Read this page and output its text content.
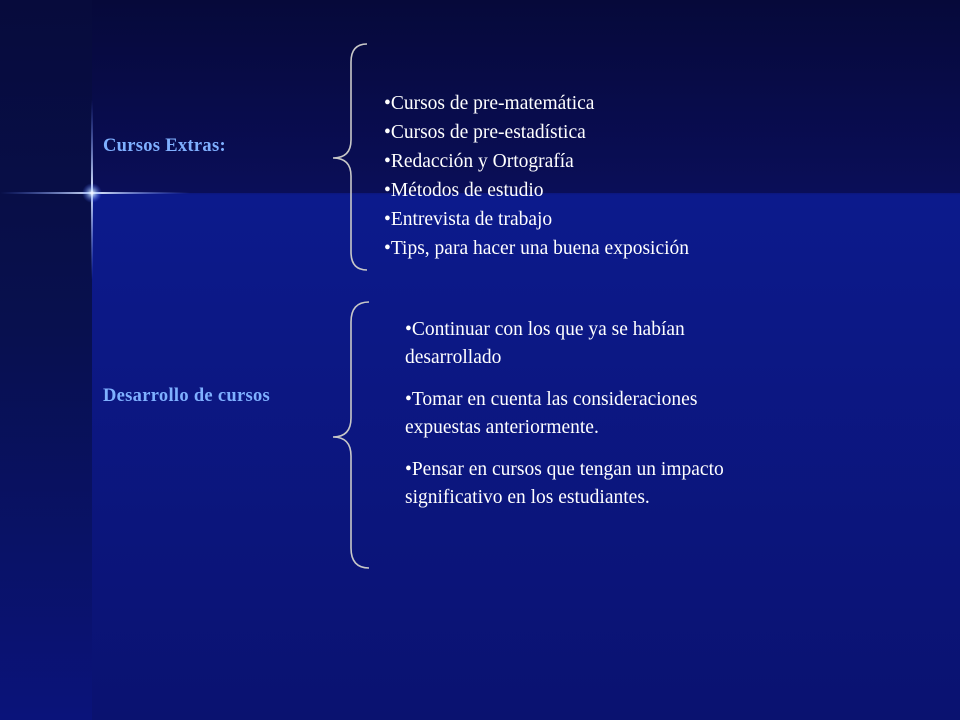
Cursos Extras:
•Cursos de pre-matemática
•Cursos de pre-estadística
•Redacción y Ortografía
•Métodos de estudio
•Entrevista de trabajo
•Tips, para hacer una buena exposición
Desarrollo de cursos
•Continuar con los que ya se habían desarrollado
•Tomar en cuenta las consideraciones expuestas anteriormente.
•Pensar en cursos que tengan un impacto significativo en los estudiantes.
